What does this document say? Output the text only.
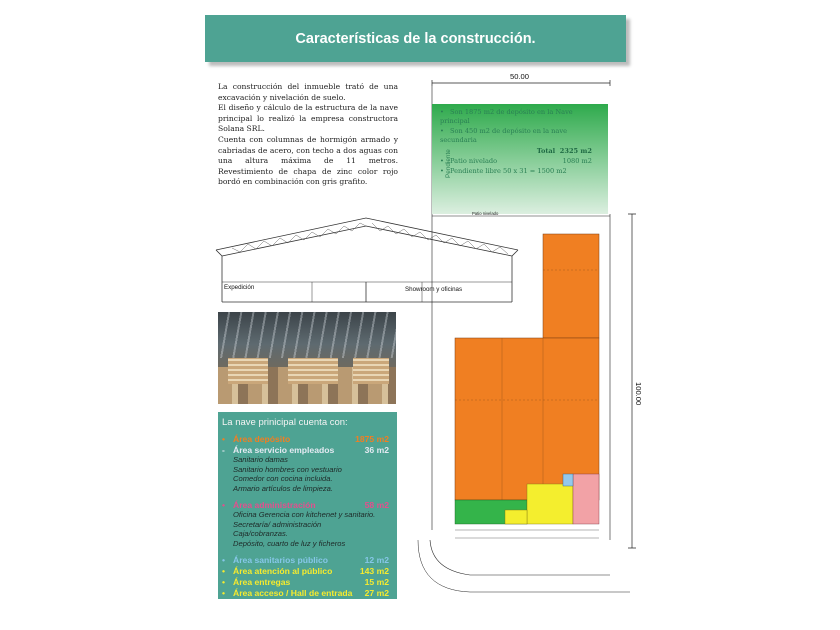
Características de la construcción.

La construcción del inmueble trató de una excavación y nivelación de suelo.

El diseño y cálculo de la estructura de la nave principal lo realizó la empresa constructora Solana SRL.

Cuenta con columnas de hormigón armado y cabriadas de acero, con techo a dos aguas con una altura máxima de 11 metros. Revestimiento de chapa de zinc color rojo bordó en combinación con gris grafito.

Expedición	Showroom y oficinas
La nave prinicipal cuenta con:
• Área depósito	1875 m2
- Área servicio empleados	36 m2
Sanitario damas
Sanitario hombres con vestuario
Comedor con cocina incluida.
Armario artículos de limpieza.
• Área administración	58 m2
Oficina Gerencia con kitchenet y sanitario.
Secretaría/ administración
Caja/cobranzas.
Depósito, cuarto de luz y ficheros
• Área sanitarios público	12 m2
• Área atención al público	143 m2
• Área entregas	15 m2
• Área acceso / Hall de entrada 27 m2
50.00
100.00
Pendiente
Patio nivelado
• Son 1875 m2 de depósito en la Nave principal
• Son 450 m2 de depósito en la nave secundaria
Total 2325 m2
• Patio nivelado	1080 m2
• Pendiente libre 50 x 31 = 1500 m2
